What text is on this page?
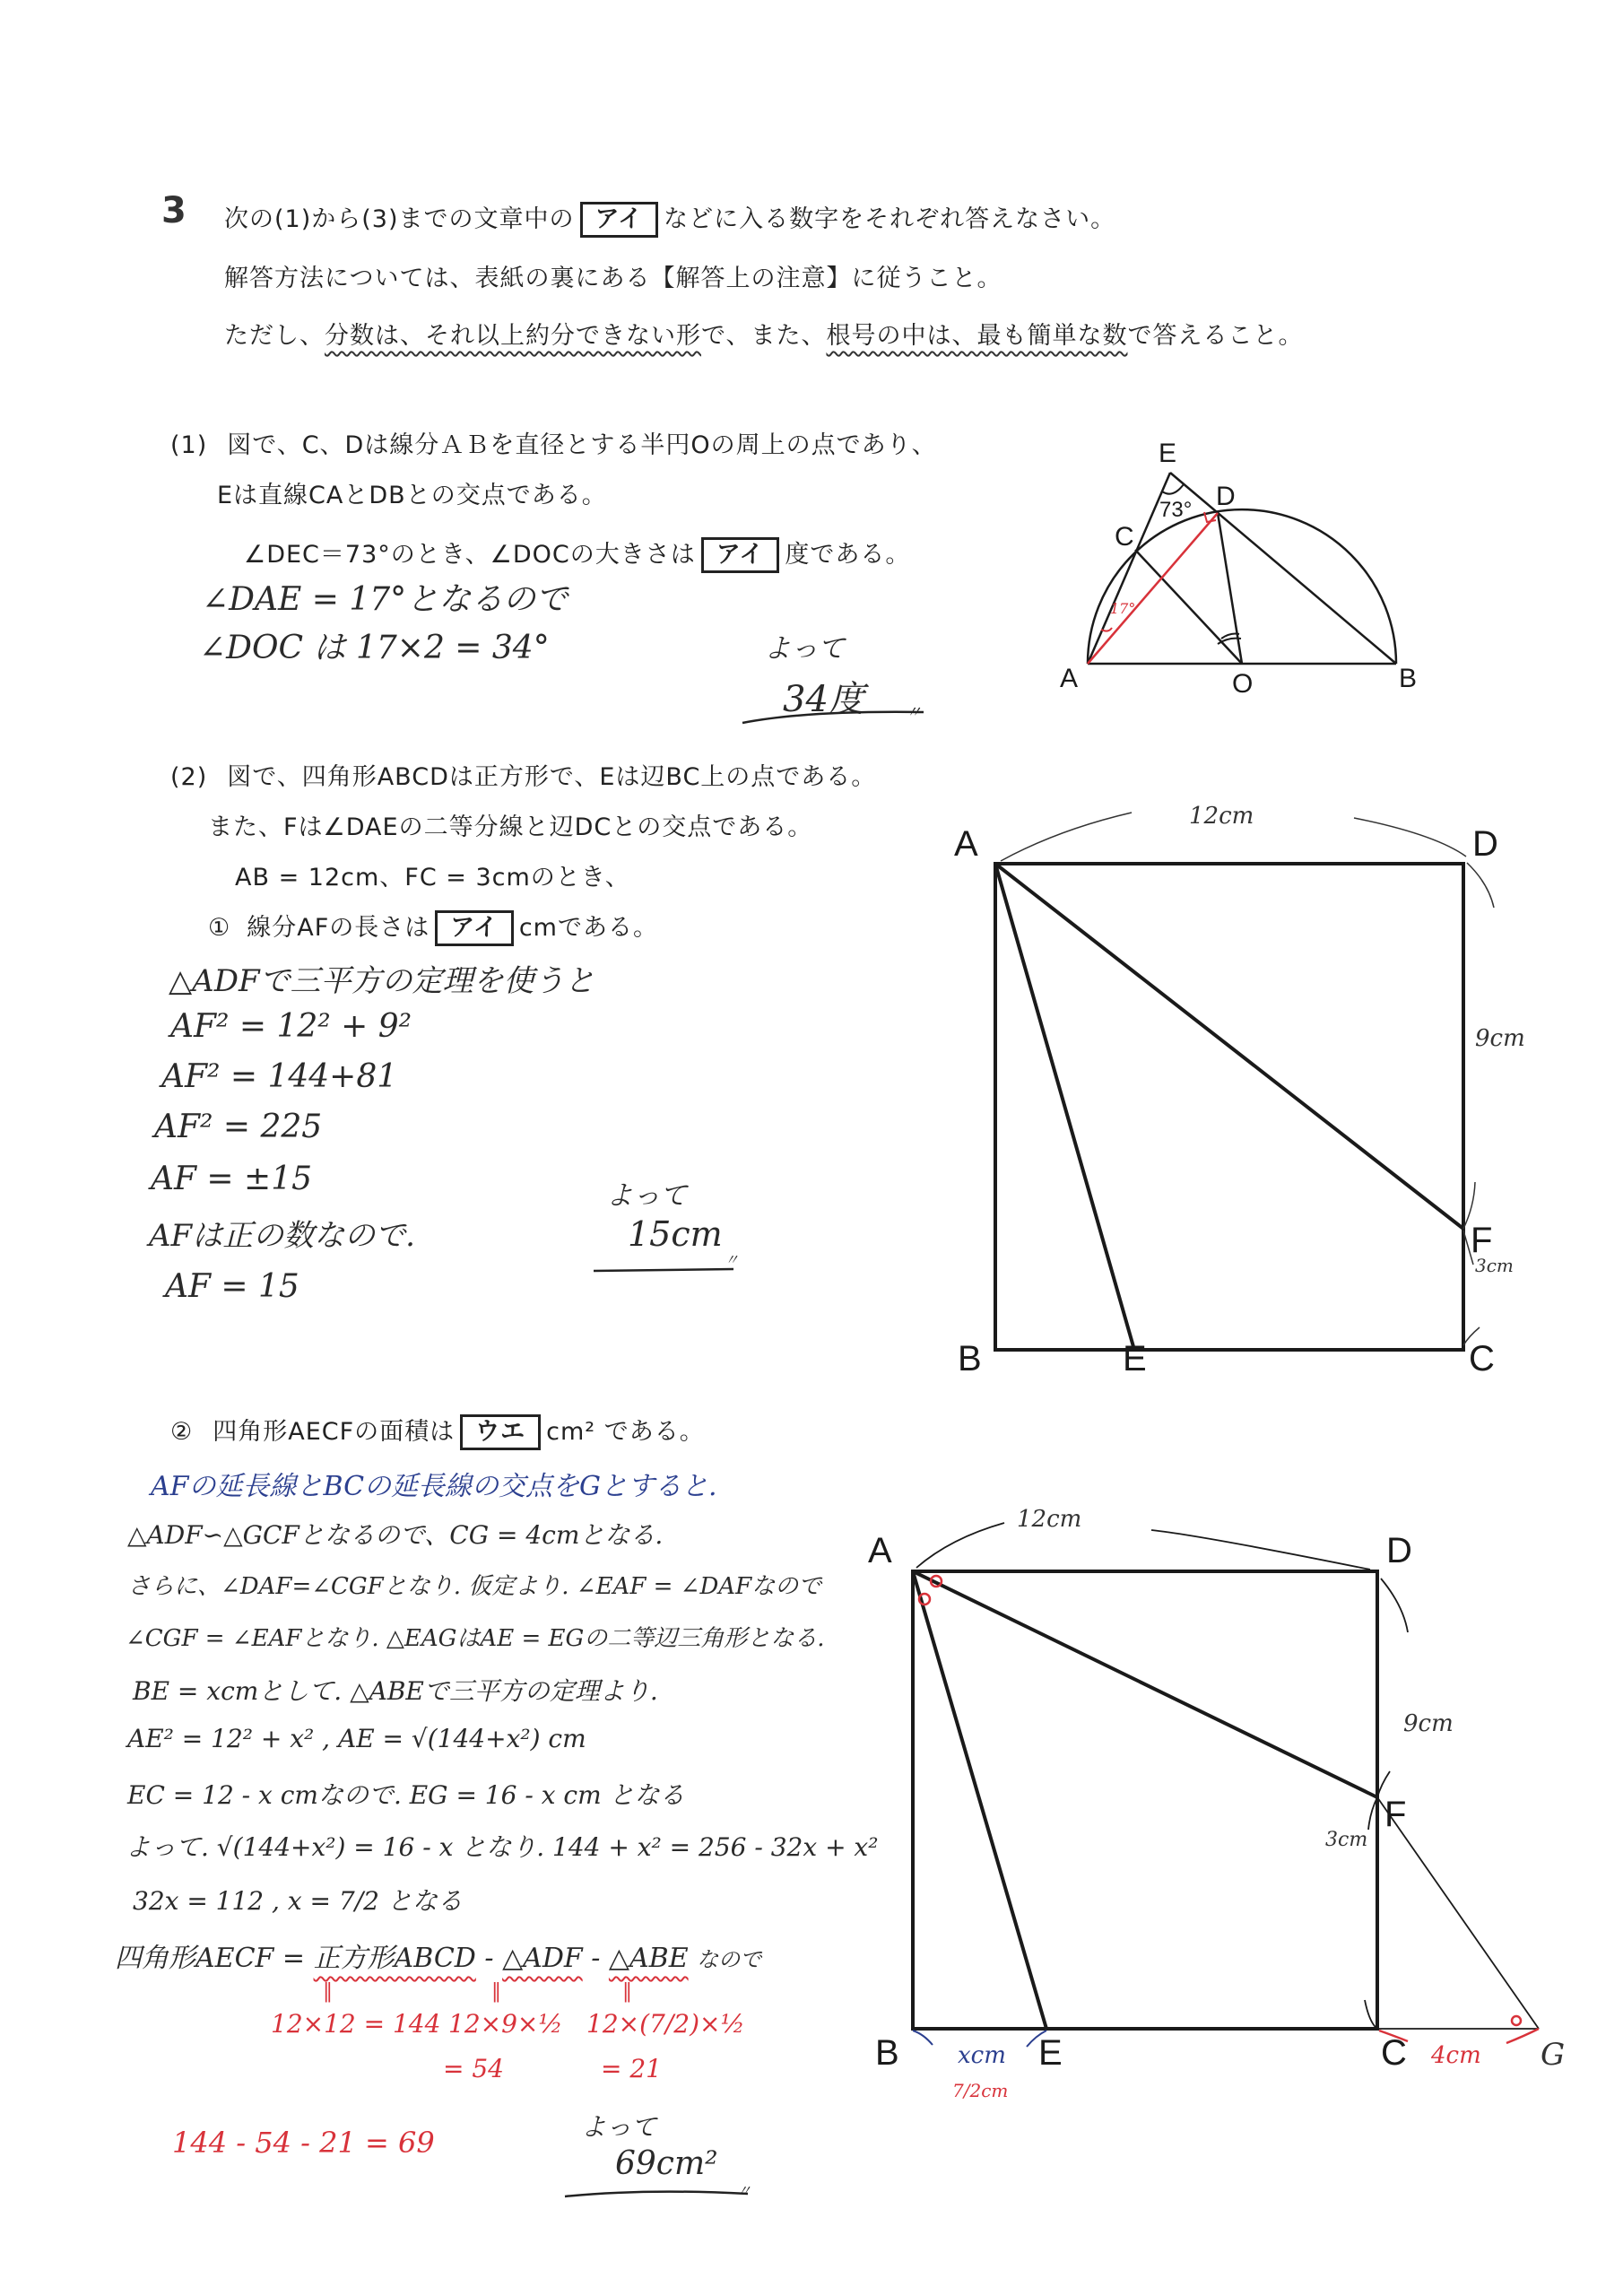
3 次の(1)から(3)までの文章中の アイ などに入る数字をそれぞれ答えなさい。
解答方法については、表紙の裏にある【解答上の注意】に従うこと。
ただし、分数は、それ以上約分できない形で、また、根号の中は、最も簡単な数で答えること。
(1) 図で、C、Dは線分ＡＢを直径とする半円Oの周上の点であり、
Eは直線CAとDBとの交点である。
∠DEC＝73°のとき、∠DOCの大きさは アイ 度である。
∠DAE = 17°となるので
∠DOC は 17×2 = 34°	よって
34度	〃
(2) 図で、四角形ABCDは正方形で、Eは辺BC上の点である。
また、Fは∠DAEの二等分線と辺DCとの交点である。
AB = 12cm、FC = 3cmのとき、
① 線分AFの長さは アイ cmである。
△ADFで三平方の定理を使うと
AF² = 12² + 9²
AF² = 144+81
AF² = 225
AF = ±15
AFは正の数なので.
AF = 15
よって
15cm
〃
② 四角形AECFの面積は ウエ cm² である。
AFの延長線とBCの延長線の交点をGとすると.
△ADF∽△GCFとなるので、CG = 4cmとなる.
さらに、∠DAF=∠CGFとなり. 仮定より. ∠EAF = ∠DAFなので
∠CGF = ∠EAFとなり. △EAGはAE = EGの二等辺三角形となる.
BE = xcmとして. △ABEで三平方の定理より.
AE² = 12² + x² , AE = √(144+x²) cm
EC = 12 - x cmなので. EG = 16 - x cm となる
よって. √(144+x²) = 16 - x となり. 144 + x² = 256 - 32x + x²
32x = 112 , x = 7/2 となる
四角形AECF = 正方形ABCD - △ADF - △ABE なので
‖	‖	‖
12×12 = 144 12×9×½
= 54
12×(7/2)×½
= 21
144 - 54 - 21 = 69	よって
69cm²
〃
E
D
C
A	O	B
73°
17°
A	D
B	E	C
F
12cm
9cm
3cm
A	D
B	E	C
F
G
12cm
9cm
3cm
4cm
xcm
7/2cm
